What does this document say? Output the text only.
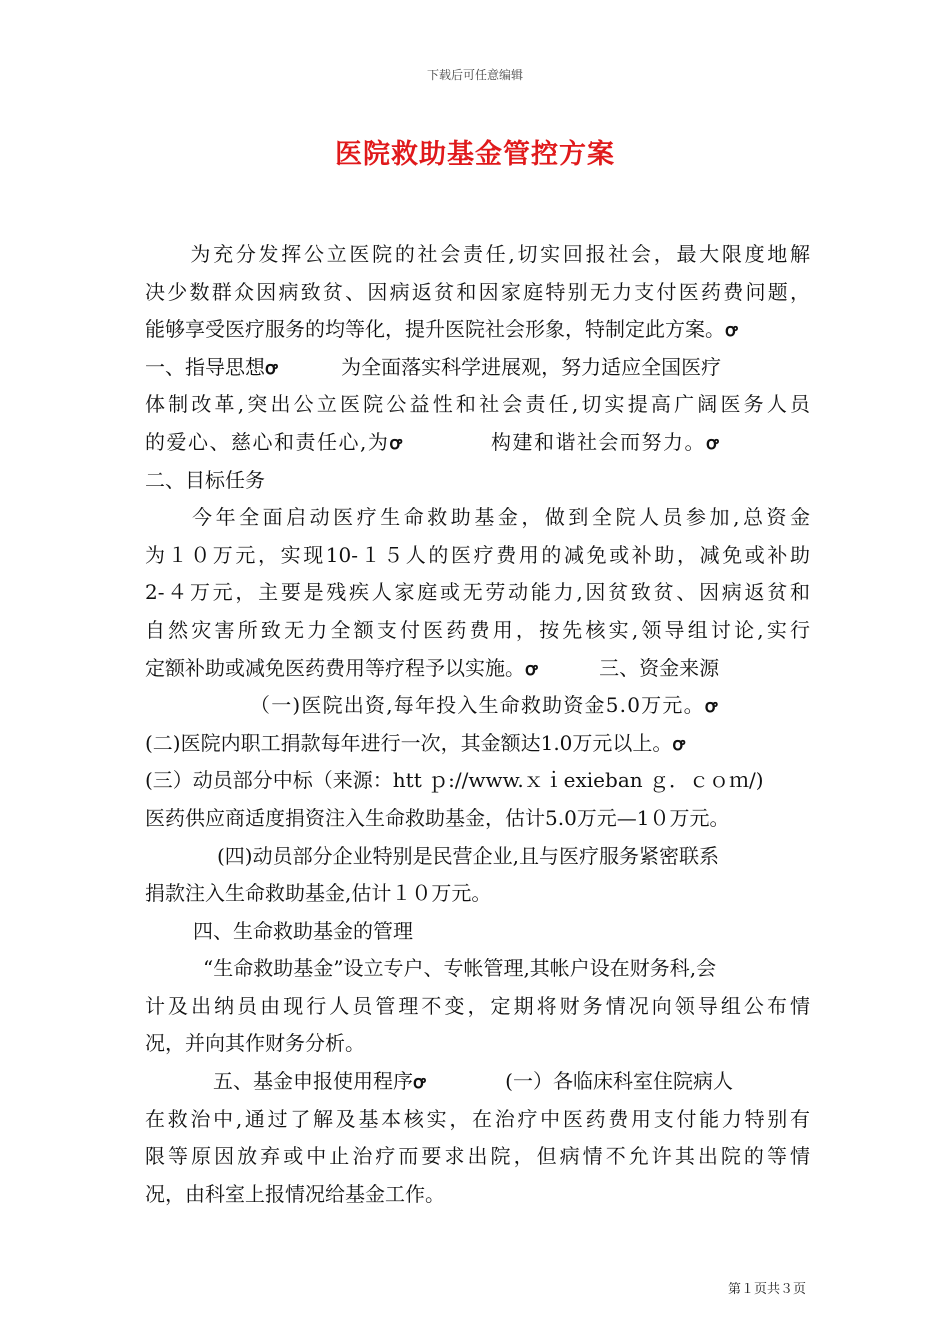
下载后可任意编辑
医院救助基金管控方案
　　为充分发挥公立医院的社会责任,切实回报社会，最大限度地解
决少数群众因病致贫、因病返贫和因家庭特别无力支付医药费问题，
能够享受医疗服务的均等化，提升医院社会形象，特制定此方案。ꝍ
一、指导思想ꝍ	为全面落实科学进展观，努力适应全国医疗
体制改革,突出公立医院公益性和社会责任,切实提高广阔医务人员
的爱心、慈心和责任心,为ꝍ	构建和谐社会而努力。ꝍ
二、目标任务
　　今年全面启动医疗生命救助基金，做到全院人员参加,总资金
为１０万元，实现10-１５人的医疗费用的减免或补助，减免或补助
2-４万元，主要是残疾人家庭或无劳动能力,因贫致贫、因病返贫和
自然灾害所致无力全额支付医药费用，按先核实,领导组讨论,实行
定额补助或减免医药费用等疗程予以实施。ꝍ	三、资金来源
（一)医院出资,每年投入生命救助资金5.0万元。ꝍ
(二)医院内职工捐款每年进行一次，其金额达1.0万元以上。ꝍ
(三）动员部分中标（来源：htt ｐ://www.ｘｉexieban ｇ．ｃｏｍ/)
医药供应商适度捐资注入生命救助基金，估计5.0万元—1０万元。
(四)动员部分企业特别是民营企业,且与医疗服务紧密联系
捐款注入生命救助基金,估计１０万元。
四、生命救助基金的管理
“生命救助基金”设立专户、专帐管理,其帐户设在财务科,会
计及出纳员由现行人员管理不变，定期将财务情况向领导组公布情
况，并向其作财务分析。
五、基金申报使用程序ꝍ	(一）各临床科室住院病人
在救治中,通过了解及基本核实，在治疗中医药费用支付能力特别有
限等原因放弃或中止治疗而要求出院，但病情不允许其出院的等情
况，由科室上报情况给基金工作。
第１页共３页
